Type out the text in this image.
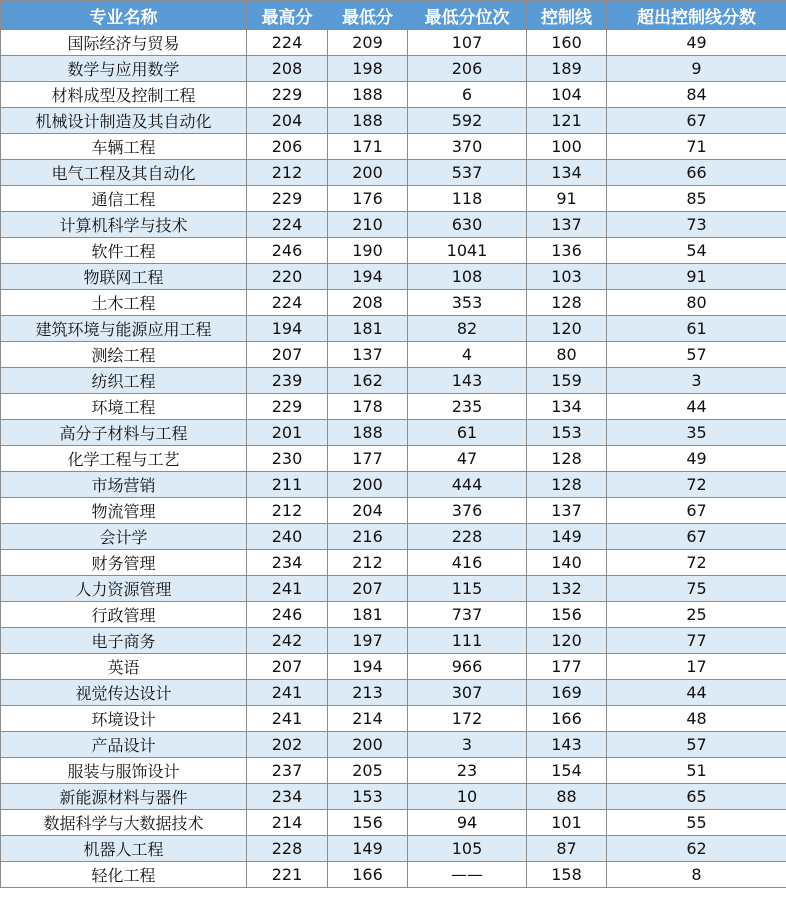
专业名称	最高分	最低分	最低分位次	控制线	超出控制线分数
国际经济与贸易	224	209	107	160	49
数学与应用数学	208	198	206	189	9
材料成型及控制工程	229	188	6	104	84
机械设计制造及其自动化	204	188	592	121	67
车辆工程	206	171	370	100	71
电气工程及其自动化	212	200	537	134	66
通信工程	229	176	118	91	85
计算机科学与技术	224	210	630	137	73
软件工程	246	190	1041	136	54
物联网工程	220	194	108	103	91
土木工程	224	208	353	128	80
建筑环境与能源应用工程	194	181	82	120	61
测绘工程	207	137	4	80	57
纺织工程	239	162	143	159	3
环境工程	229	178	235	134	44
高分子材料与工程	201	188	61	153	35
化学工程与工艺	230	177	47	128	49
市场营销	211	200	444	128	72
物流管理	212	204	376	137	67
会计学	240	216	228	149	67
财务管理	234	212	416	140	72
人力资源管理	241	207	115	132	75
行政管理	246	181	737	156	25
电子商务	242	197	111	120	77
英语	207	194	966	177	17
视觉传达设计	241	213	307	169	44
环境设计	241	214	172	166	48
产品设计	202	200	3	143	57
服装与服饰设计	237	205	23	154	51
新能源材料与器件	234	153	10	88	65
数据科学与大数据技术	214	156	94	101	55
机器人工程	228	149	105	87	62
轻化工程	221	166	——	158	8
